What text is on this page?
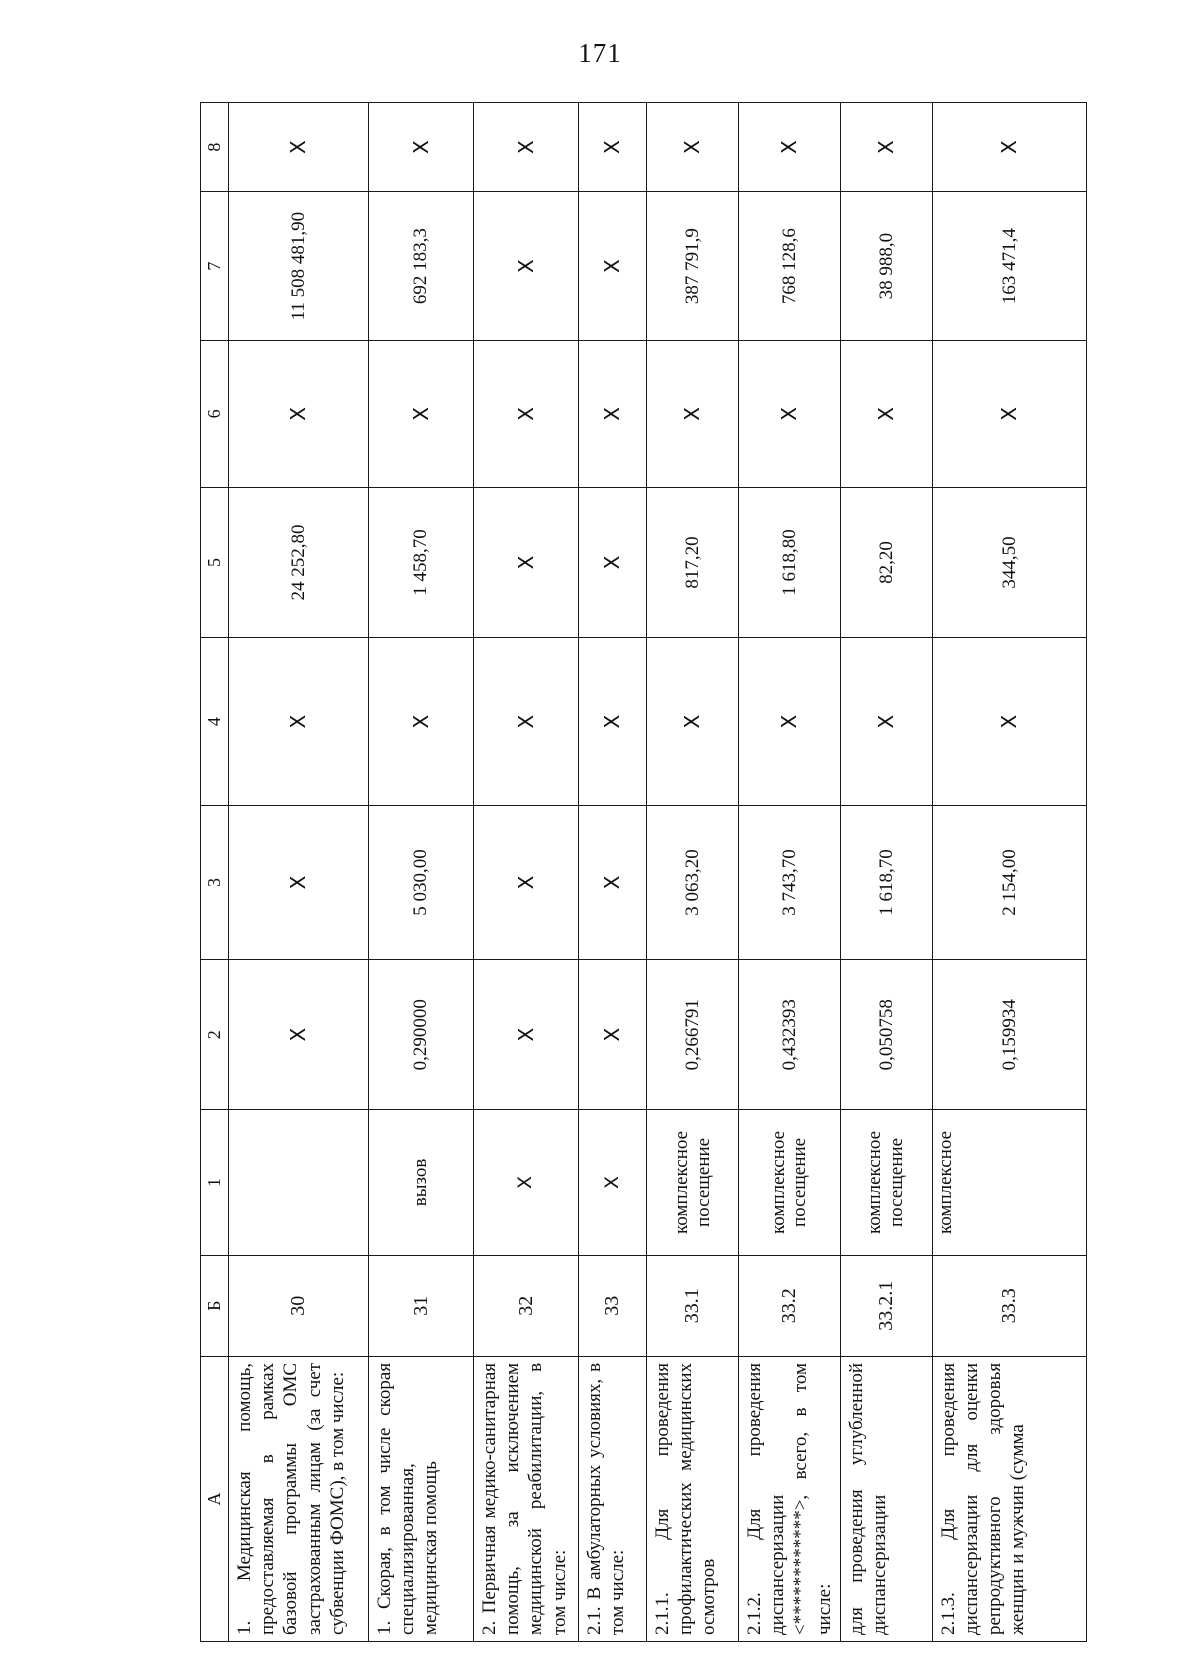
171
А	Б	1	2	3	4	5	6	7	8
1. Медицинская помощь, предоставляемая в рамках базовой программы ОМС застрахованным лицам (за счет субвенции ФОМС), в том числе:	30		X	X	X	24 252,80	X	11 508 481,90	X
1. Скорая, в том числе скорая специализированная, медицинская помощь	31	вызов	0,290000	5 030,00	X	1 458,70	X	692 183,3	X
2. Первичная медико-санитарная помощь, за исключением медицинской реабилитации, в том числе:	32	X	X	X	X	X	X	X	X
2.1. В амбулаторных условиях, в том числе:	33	X	X	X	X	X	X	X	X
2.1.1. Для проведения профилактических медицинских осмотров	33.1	комплексное посещение	0,266791	3 063,20	X	817,20	X	387 791,9	X
2.1.2. Для проведения диспансеризации <************>, всего, в том числе:	33.2	комплексное посещение	0,432393	3 743,70	X	1 618,80	X	768 128,6	X
для проведения углубленной диспансеризации	33.2.1	комплексное посещение	0,050758	1 618,70	X	82,20	X	38 988,0	X
2.1.3. Для проведения диспансеризации для оценки репродуктивного здоровья женщин и мужчин (сумма	33.3	комплексное	0,159934	2 154,00	X	344,50	X	163 471,4	X
